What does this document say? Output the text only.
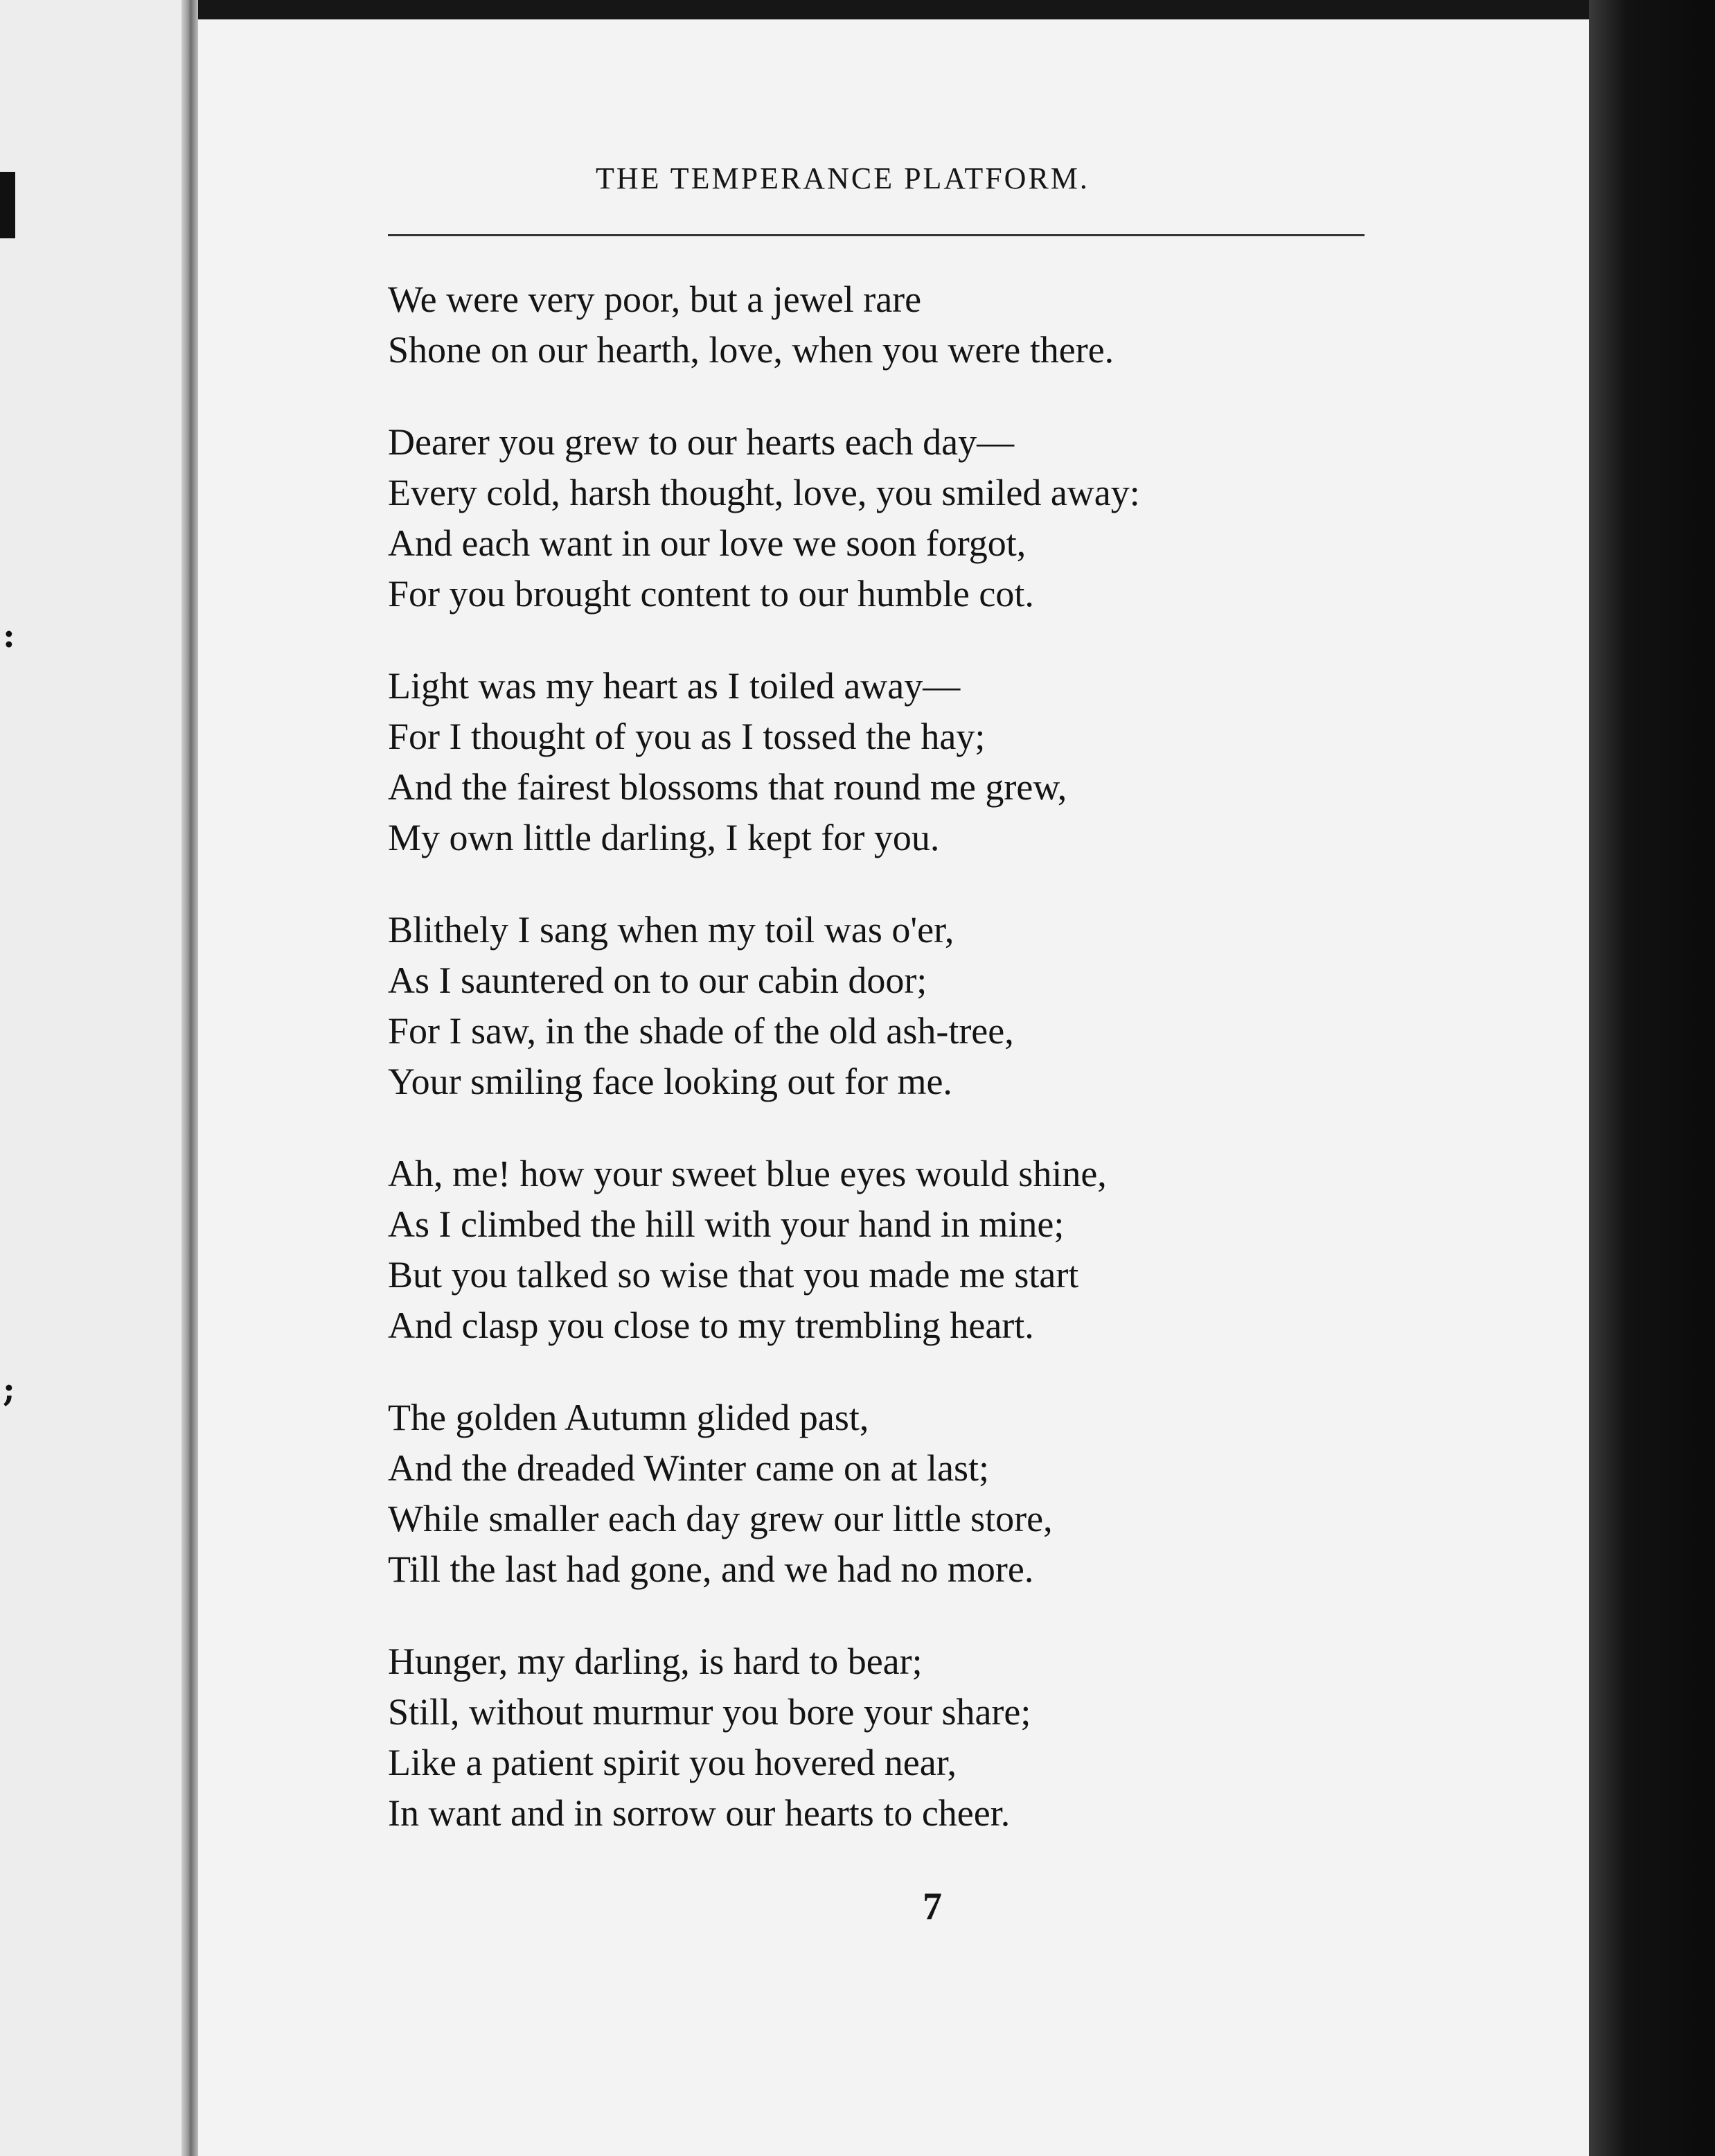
:
;
THE TEMPERANCE PLATFORM.
We were very poor, but a jewel rare
Shone on our hearth, love, when you were there.
Dearer you grew to our hearts each day—
Every cold, harsh thought, love, you smiled away:
And each want in our love we soon forgot,
For you brought content to our humble cot.
Light was my heart as I toiled away—
For I thought of you as I tossed the hay;
And the fairest blossoms that round me grew,
My own little darling, I kept for you.
Blithely I sang when my toil was o'er,
As I sauntered on to our cabin door;
For I saw, in the shade of the old ash-tree,
Your smiling face looking out for me.
Ah, me! how your sweet blue eyes would shine,
As I climbed the hill with your hand in mine;
But you talked so wise that you made me start
And clasp you close to my trembling heart.
The golden Autumn glided past,
And the dreaded Winter came on at last;
While smaller each day grew our little store,
Till the last had gone, and we had no more.
Hunger, my darling, is hard to bear;
Still, without murmur you bore your share;
Like a patient spirit you hovered near,
In want and in sorrow our hearts to cheer.
7
